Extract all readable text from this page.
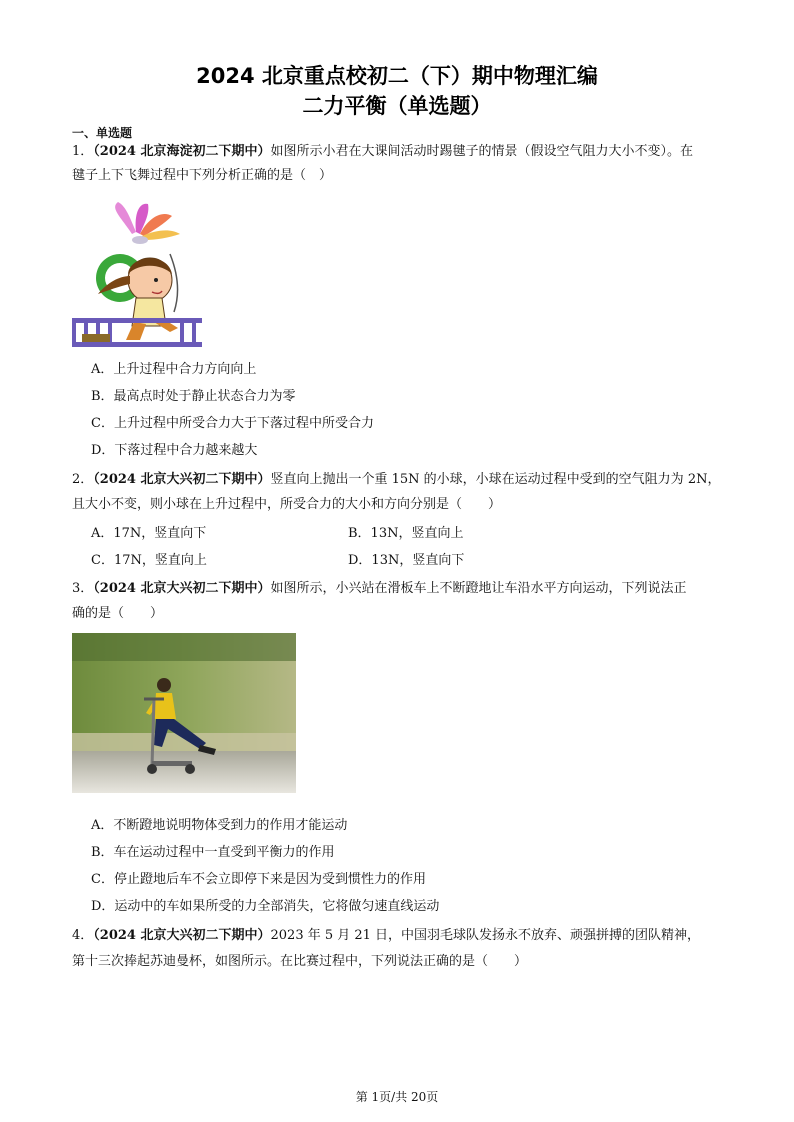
2024 北京重点校初二（下）期中物理汇编
二力平衡（单选题）
一、单选题
1．（2024 北京海淀初二下期中）如图所示小君在大课间活动时踢毽子的情景（假设空气阻力大小不变）。在
毽子上下飞舞过程中下列分析正确的是（　）
A．上升过程中合力方向向上
B．最高点时处于静止状态合力为零
C．上升过程中所受合力大于下落过程中所受合力
D．下落过程中合力越来越大
2．（2024 北京大兴初二下期中）竖直向上抛出一个重 15N 的小球，小球在运动过程中受到的空气阻力为 2N，
且大小不变，则小球在上升过程中，所受合力的大小和方向分别是（　　）
A．17N，竖直向下	B．13N，竖直向上
C．17N，竖直向上	D．13N，竖直向下
3．（2024 北京大兴初二下期中）如图所示，小兴站在滑板车上不断蹬地让车沿水平方向运动，下列说法正
确的是（　　）
A．不断蹬地说明物体受到力的作用才能运动
B．车在运动过程中一直受到平衡力的作用
C．停止蹬地后车不会立即停下来是因为受到惯性力的作用
D．运动中的车如果所受的力全部消失，它将做匀速直线运动
4．（2024 北京大兴初二下期中）2023 年 5 月 21 日，中国羽毛球队发扬永不放弃、顽强拼搏的团队精神，
第十三次捧起苏迪曼杯，如图所示。在比赛过程中，下列说法正确的是（　　）
第 1页/共 20页
